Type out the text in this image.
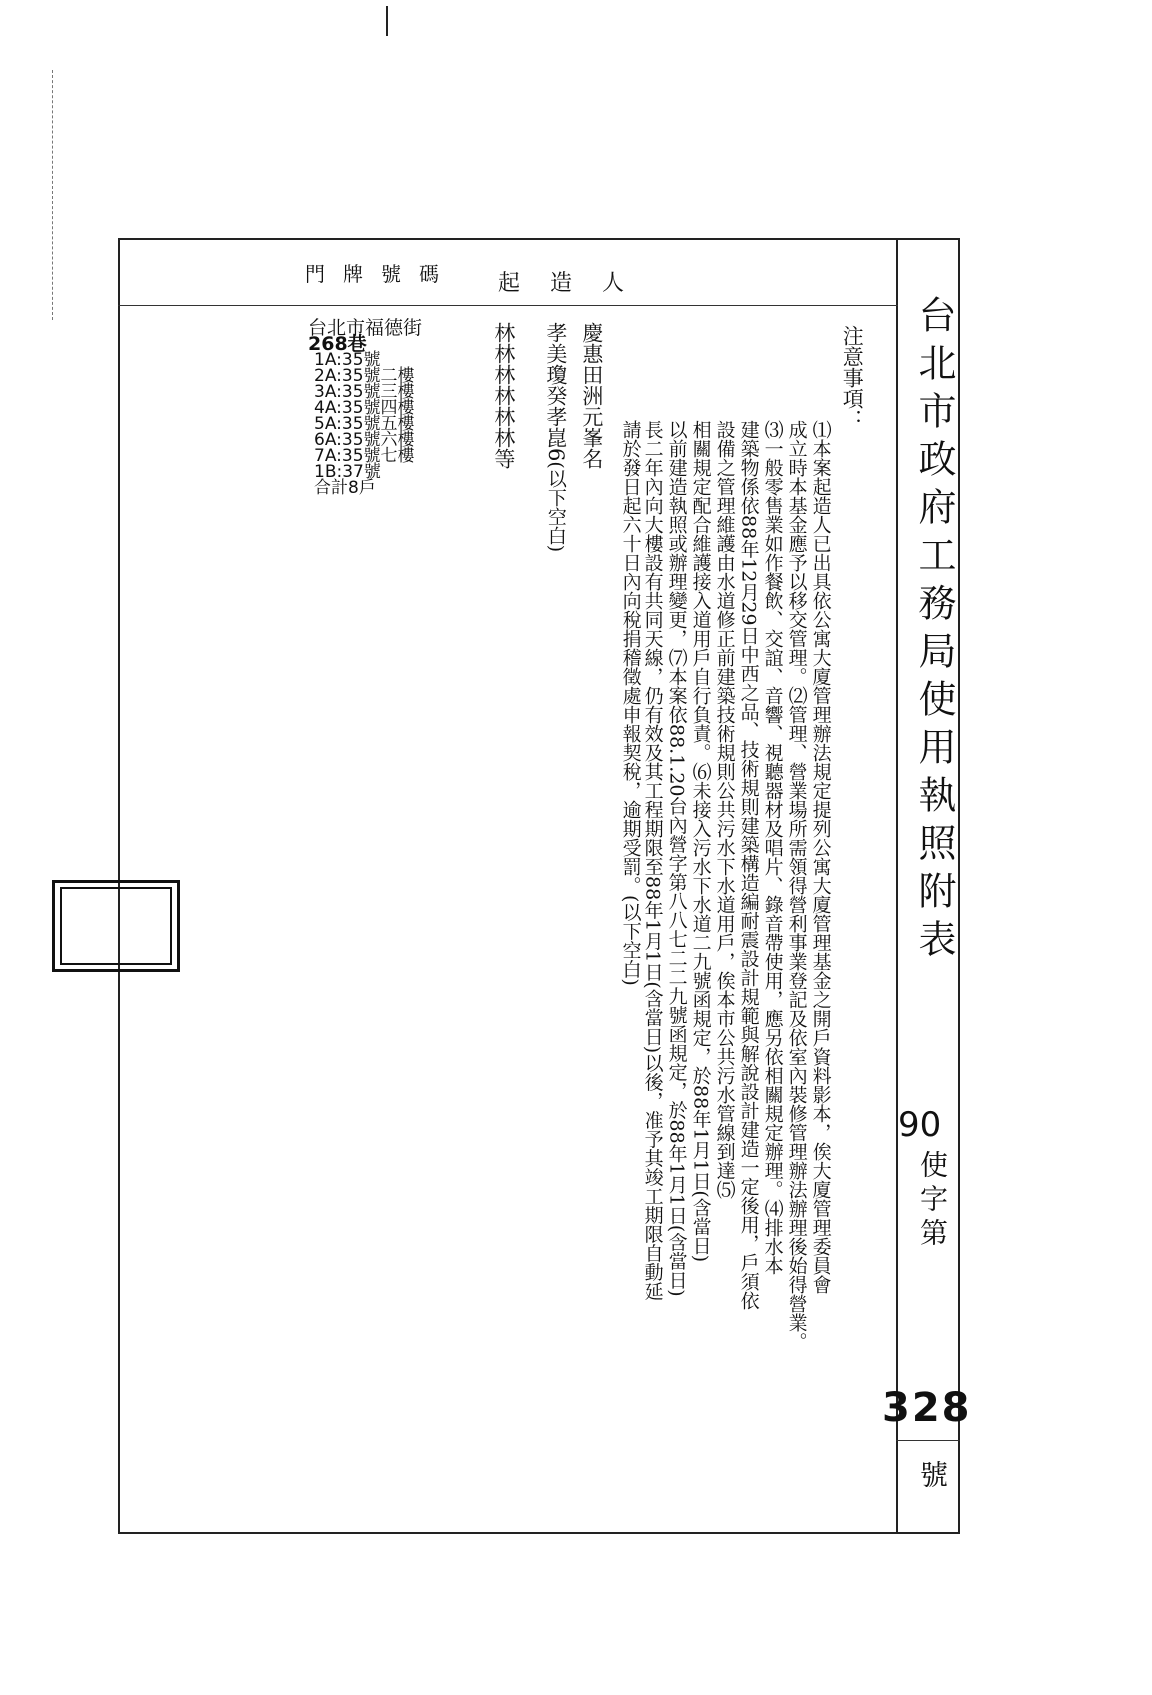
台北市政府工務局使用執照附表
90
使字第
328
號
門牌號碼 起造人
台北市福德街
268巷
1A:35號
2A:35號二樓
3A:35號三樓
4A:35號四樓
5A:35號五樓
6A:35號六樓
7A:35號七樓
1B:37號
合計8戶
慶惠田洲元峯名
孝美瓊癸孝崑6(以下空白)
林林林林林林等	注意事項：
⑴本案起造人已出具依公寓大廈管理辦法規定提列公寓大廈管理基金之開戶資料影本，俟大廈管理委員會
成立時本基金應予以移交管理。⑵管理、營業場所需領得營利事業登記及依室內裝修管理辦法辦理後始得營業。
⑶一般零售業如作餐飲、交誼、音響、視聽器材及唱片、錄音帶使用，應另依相關規定辦理。⑷排水本
建築物係依88年12月29日中西之品、技術規則建築構造編耐震設計規範與解說設計建造一定後用，戶須依
設備之管理維護由水道修正前建築技術規則公共污水下水道用戶，俟本市公共污水管線到達⑸
相關規定配合維護接入道用戶自行負責。⑹未接入污水下水道二九號函規定，於88年1月1日(含當日)
以前建造執照或辦理變更，⑺本案依88.1.20台內營字第八八七二二九號函規定，於88年1月1日(含當日)
長二年內向大樓設有共同天線，仍有效及其工程期限至88年1月1日(含當日)以後，准予其竣工期限自動延
請於發日起六十日內向稅捐稽徵處申報契稅，逾期受罰。(以下空白)
